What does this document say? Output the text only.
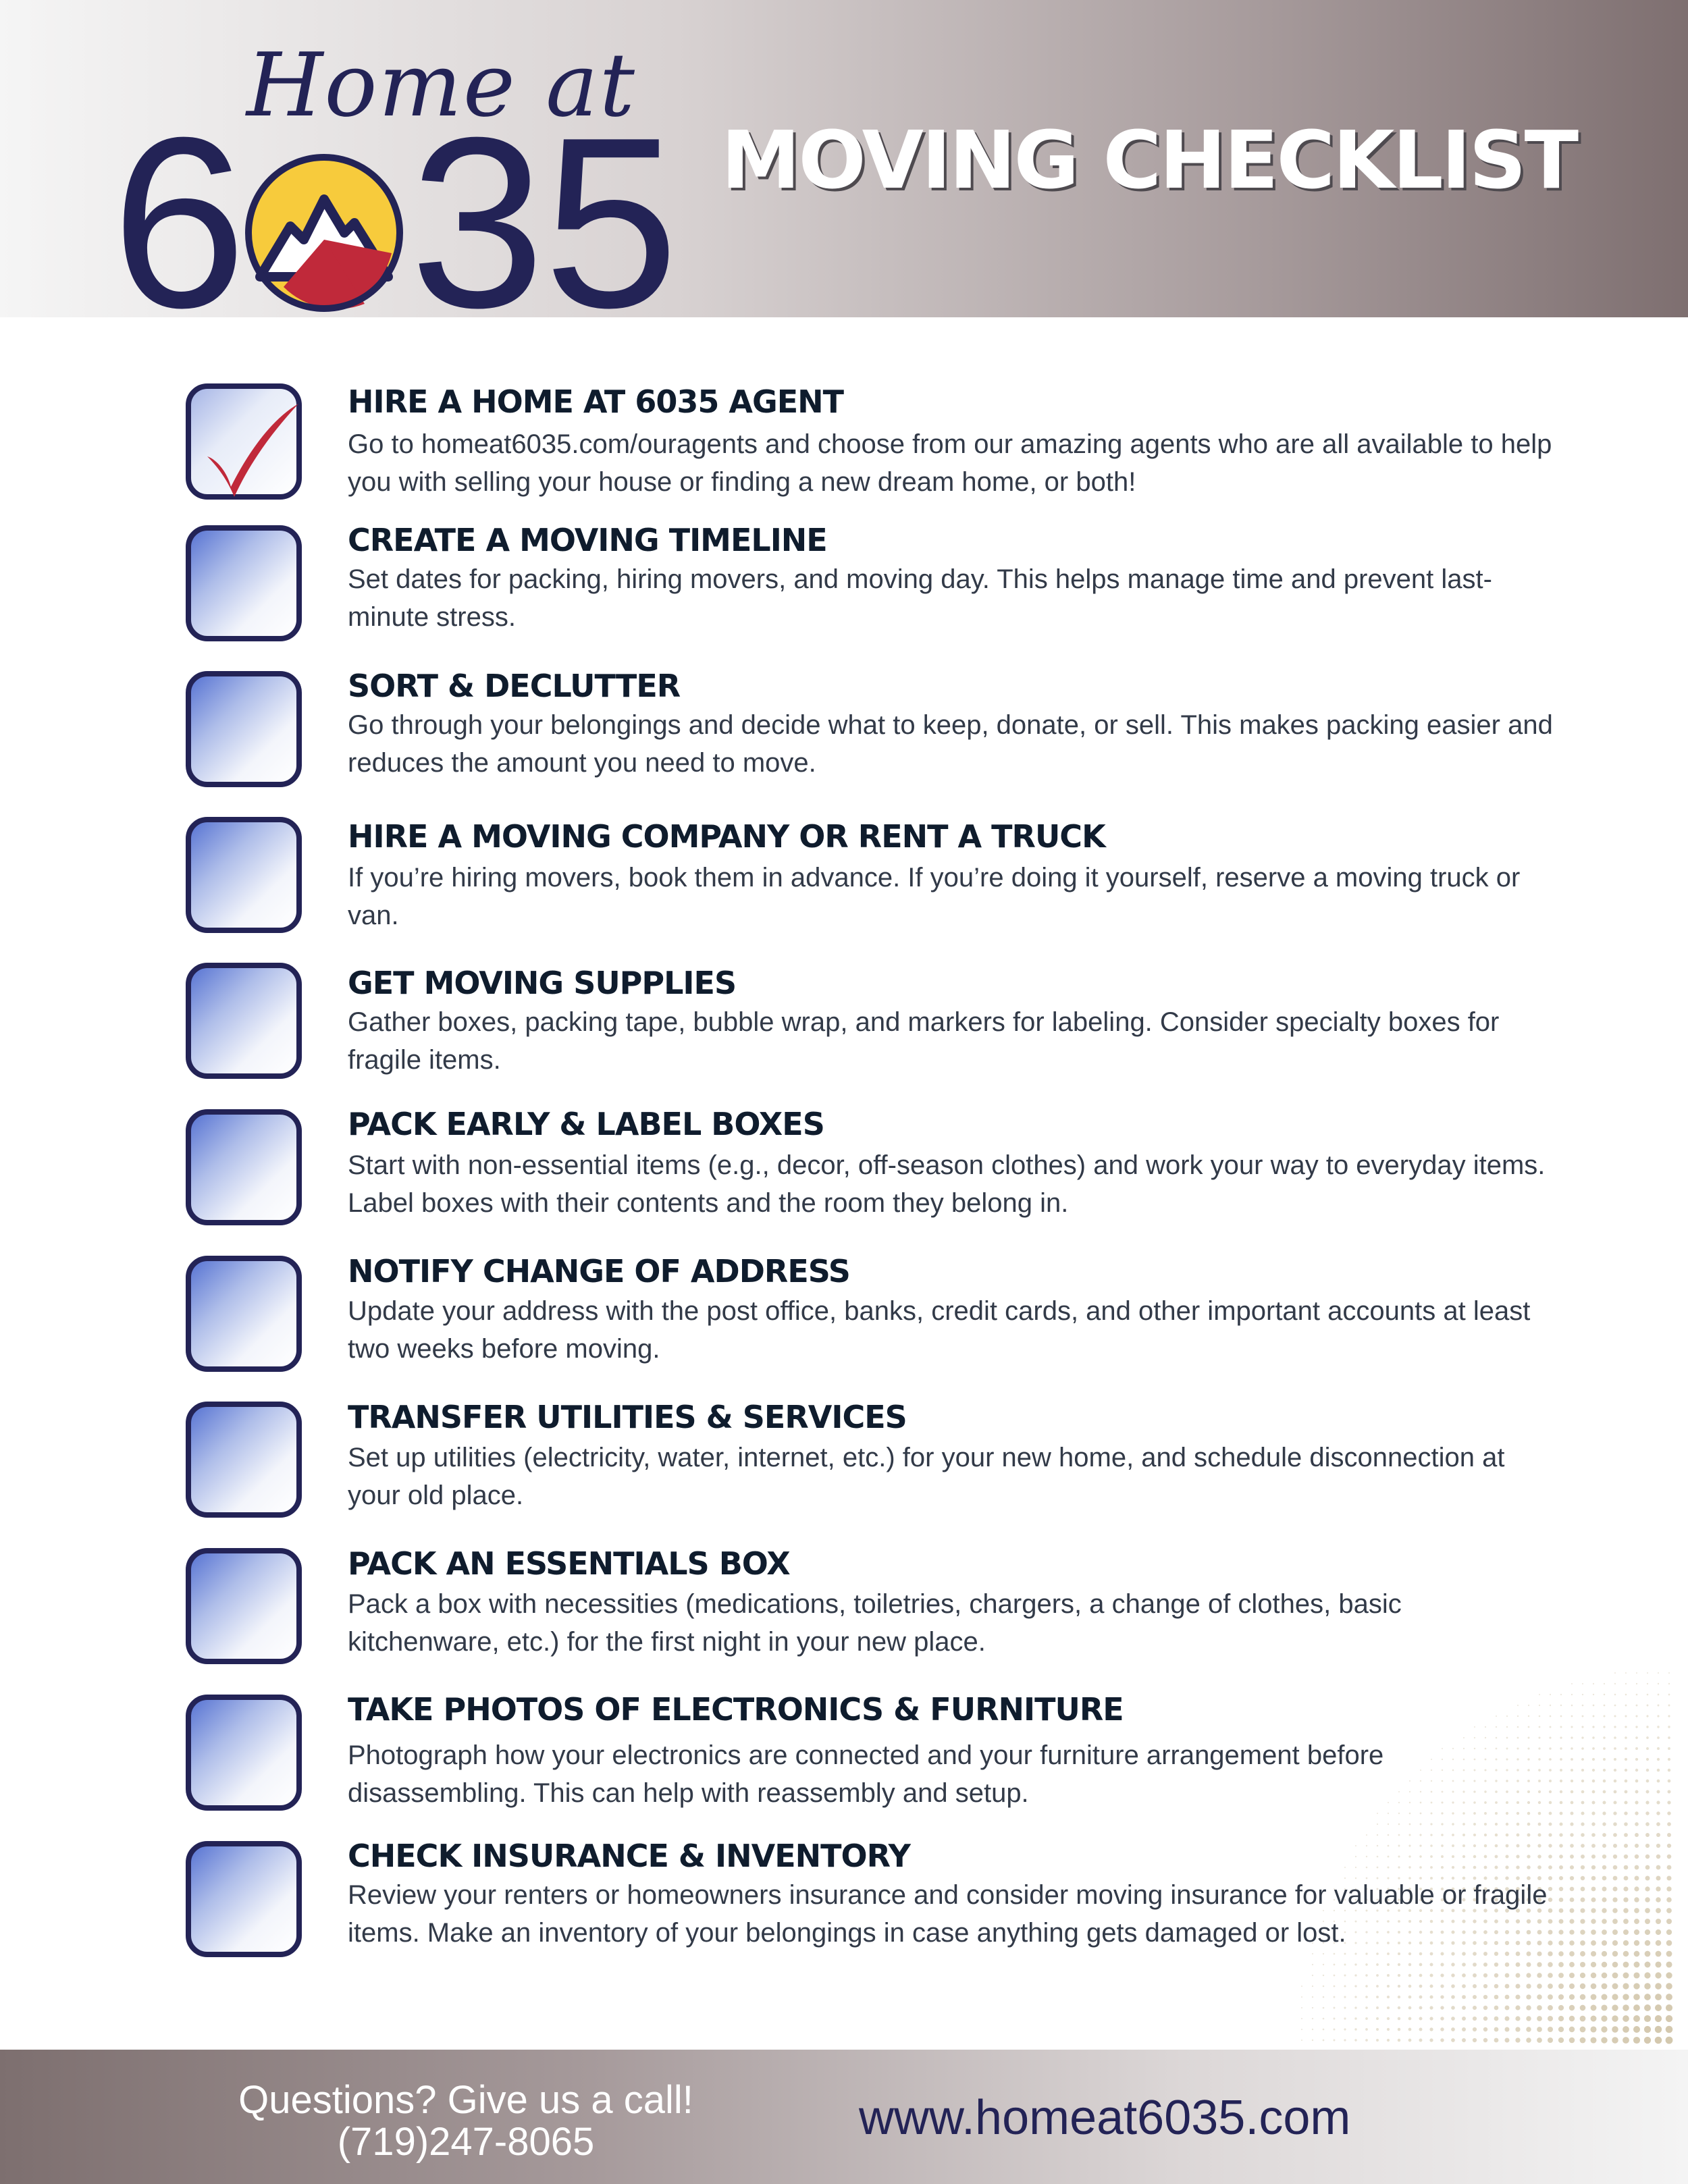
Home at
6 3
5 MOVING CHECKLIST
HIRE A HOME AT 6035 AGENT
Go to homeat6035.com/ouragents and choose from our amazing agents who are all available to help you with selling your house or finding a new dream home, or both!
CREATE A MOVING TIMELINE
Set dates for packing, hiring movers, and moving day. This helps manage time and prevent last-minute stress.
SORT & DECLUTTER
Go through your belongings and decide what to keep, donate, or sell. This makes packing easier and reduces the amount you need to move.
HIRE A MOVING COMPANY OR RENT A TRUCK
If you’re hiring movers, book them in advance. If you’re doing it yourself, reserve a moving truck or van.
GET MOVING SUPPLIES
Gather boxes, packing tape, bubble wrap, and markers for labeling. Consider specialty boxes for fragile items.
PACK EARLY & LABEL BOXES
Start with non-essential items (e.g., decor, off-season clothes) and work your way to everyday items. Label boxes with their contents and the room they belong in.
NOTIFY CHANGE OF ADDRESS
Update your address with the post office, banks, credit cards, and other important accounts at least two weeks before moving.
TRANSFER UTILITIES & SERVICES
Set up utilities (electricity, water, internet, etc.) for your new home, and schedule disconnection at your old place.
PACK AN ESSENTIALS BOX
Pack a box with necessities (medications, toiletries, chargers, a change of clothes, basic kitchenware, etc.) for the first night in your new place.
TAKE PHOTOS OF ELECTRONICS & FURNITURE
Photograph how your electronics are connected and your furniture arrangement before disassembling. This can help with reassembly and setup.
CHECK INSURANCE & INVENTORY
Review your renters or homeowners insurance and consider moving insurance for valuable or fragile items. Make an inventory of your belongings in case anything gets damaged or lost.
Questions? Give us a call!
(719)247-8065	www.homeat6035.com
